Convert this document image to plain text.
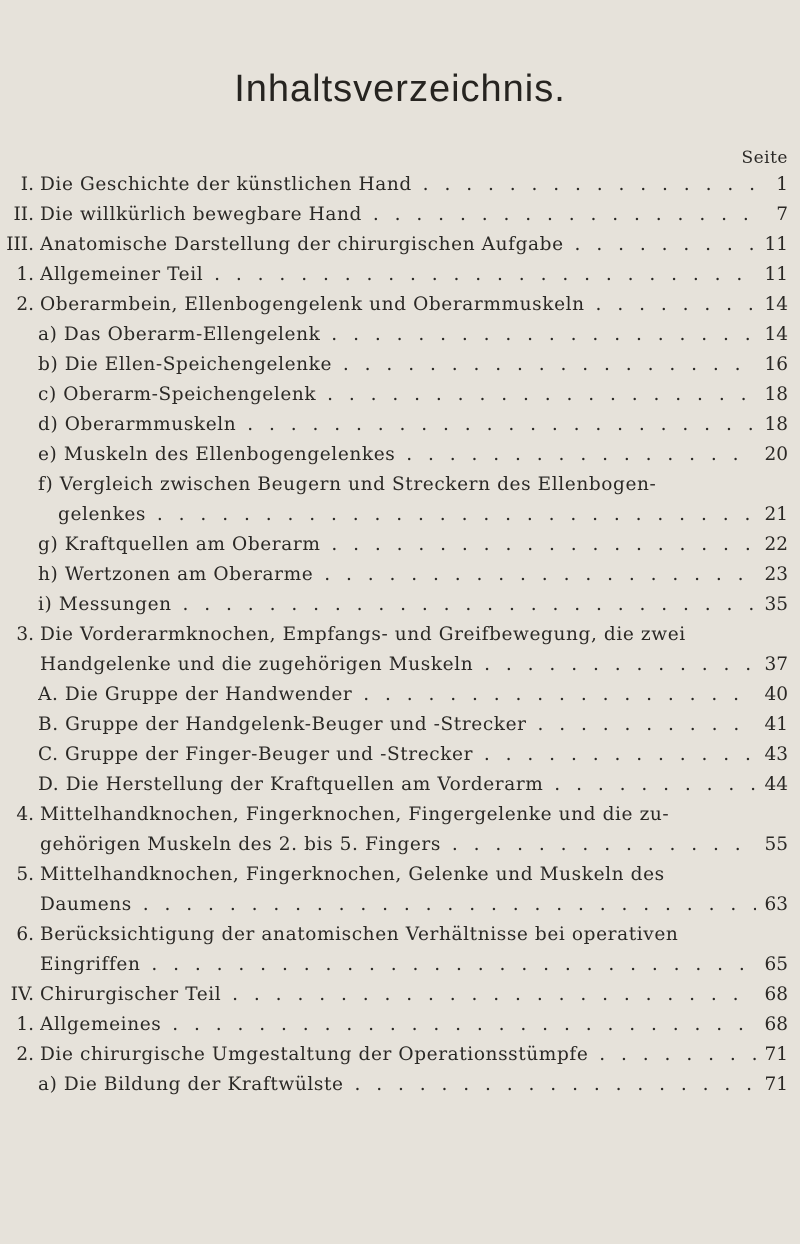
Inhaltsverzeichnis.
Seite
I. Die Geschichte der künstlichen Hand . . .	1
II. Die willkürlich bewegbare Hand . . .	7
III. Anatomische Darstellung der chirurgischen Aufgabe . . .	11
1. Allgemeiner Teil . . .	11
2. Oberarmbein, Ellenbogengelenk und Oberarmmuskeln . . .	14
a) Das Oberarm-Ellengelenk . . .	14
b) Die Ellen-Speichengelenke . . .	16
c) Oberarm-Speichengelenk . . .	18
d) Oberarmmuskeln . . .	18
e) Muskeln des Ellenbogengelenkes . . .	20
f) Vergleich zwischen Beugern und Streckern des Ellenbogen-
gelenkes . . .	21
g) Kraftquellen am Oberarm . . .	22
h) Wertzonen am Oberarme . . .	23
i) Messungen . . .	35
3. Die Vorderarmknochen, Empfangs- und Greifbewegung, die zwei
Handgelenke und die zugehörigen Muskeln . . .	37
A. Die Gruppe der Handwender . . .	40
B. Gruppe der Handgelenk-Beuger und -Strecker . . .	41
C. Gruppe der Finger-Beuger und -Strecker . . .	43
D. Die Herstellung der Kraftquellen am Vorderarm . . .	44
4. Mittelhandknochen, Fingerknochen, Fingergelenke und die zu-
gehörigen Muskeln des 2. bis 5. Fingers . . .	55
5. Mittelhandknochen, Fingerknochen, Gelenke und Muskeln des
Daumens . . .	63
6. Berücksichtigung der anatomischen Verhältnisse bei operativen
Eingriffen . . .	65
IV. Chirurgischer Teil . . .	68
1. Allgemeines . . .	68
2. Die chirurgische Umgestaltung der Operationsstümpfe . . .	71
a) Die Bildung der Kraftwülste . . .	71
